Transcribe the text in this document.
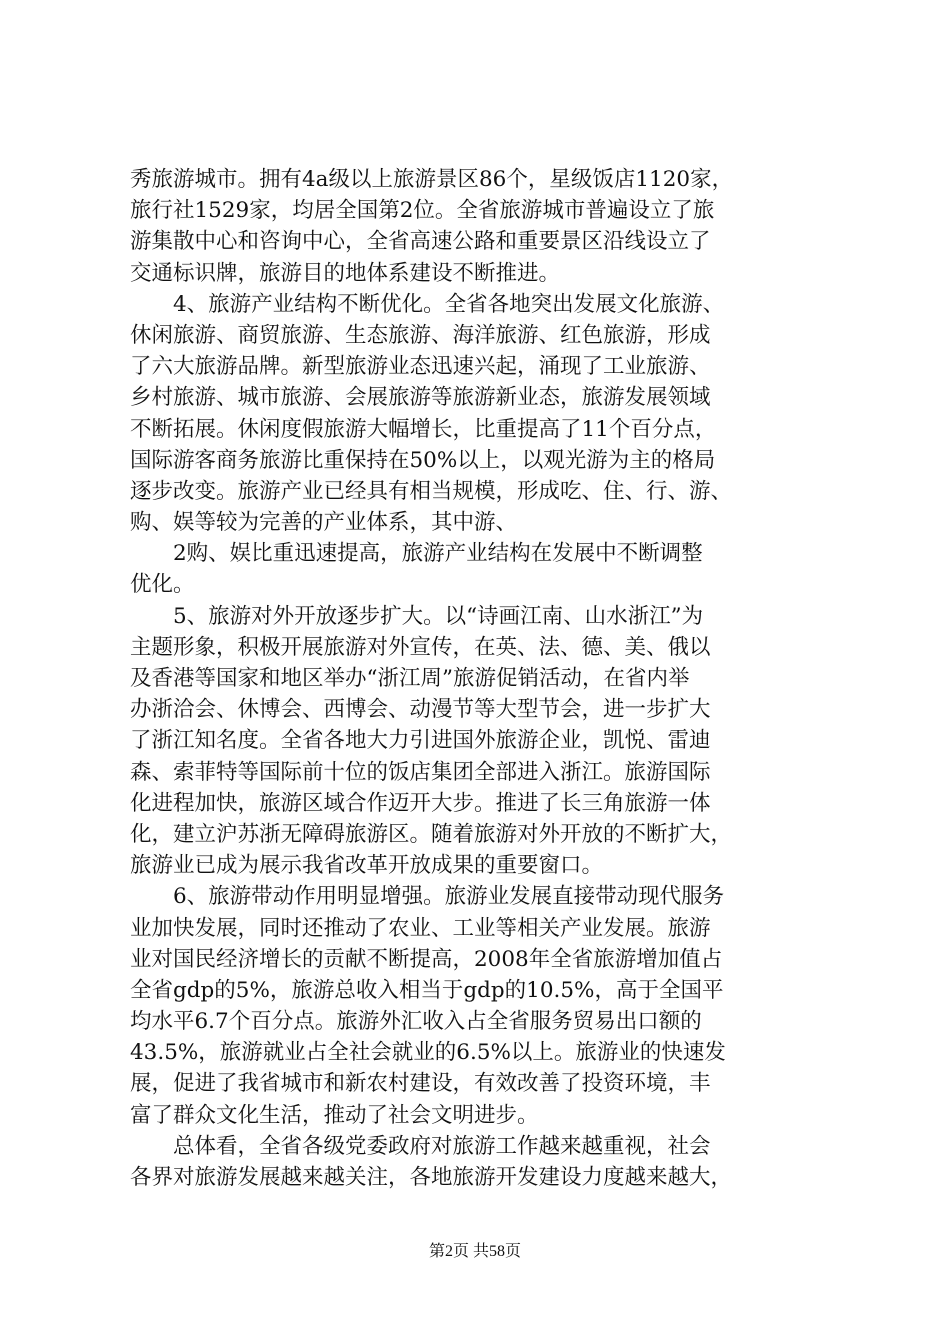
秀旅游城市。拥有4a级以上旅游景区86个，星级饭店1120家，
旅行社1529家，均居全国第2位。全省旅游城市普遍设立了旅
游集散中心和咨询中心，全省高速公路和重要景区沿线设立了
交通标识牌，旅游目的地体系建设不断推进。
4、旅游产业结构不断优化。全省各地突出发展文化旅游、
休闲旅游、商贸旅游、生态旅游、海洋旅游、红色旅游，形成
了六大旅游品牌。新型旅游业态迅速兴起，涌现了工业旅游、
乡村旅游、城市旅游、会展旅游等旅游新业态，旅游发展领域
不断拓展。休闲度假旅游大幅增长，比重提高了11个百分点，
国际游客商务旅游比重保持在50%以上，以观光游为主的格局
逐步改变。旅游产业已经具有相当规模，形成吃、住、行、游、
购、娱等较为完善的产业体系，其中游、
2购、娱比重迅速提高，旅游产业结构在发展中不断调整
优化。
5、旅游对外开放逐步扩大。以“诗画江南、山水浙江”为
主题形象，积极开展旅游对外宣传，在英、法、德、美、俄以
及香港等国家和地区举办“浙江周”旅游促销活动，在省内举
办浙洽会、休博会、西博会、动漫节等大型节会，进一步扩大
了浙江知名度。全省各地大力引进国外旅游企业，凯悦、雷迪
森、索菲特等国际前十位的饭店集团全部进入浙江。旅游国际
化进程加快，旅游区域合作迈开大步。推进了长三角旅游一体
化，建立沪苏浙无障碍旅游区。随着旅游对外开放的不断扩大，
旅游业已成为展示我省改革开放成果的重要窗口。
6、旅游带动作用明显增强。旅游业发展直接带动现代服务
业加快发展，同时还推动了农业、工业等相关产业发展。旅游
业对国民经济增长的贡献不断提高，2008年全省旅游增加值占
全省gdp的5%，旅游总收入相当于gdp的10.5%，高于全国平
均水平6.7个百分点。旅游外汇收入占全省服务贸易出口额的
43.5%，旅游就业占全社会就业的6.5%以上。旅游业的快速发
展，促进了我省城市和新农村建设，有效改善了投资环境，丰
富了群众文化生活，推动了社会文明进步。
总体看，全省各级党委政府对旅游工作越来越重视，社会
各界对旅游发展越来越关注，各地旅游开发建设力度越来越大，
第2页 共58页
